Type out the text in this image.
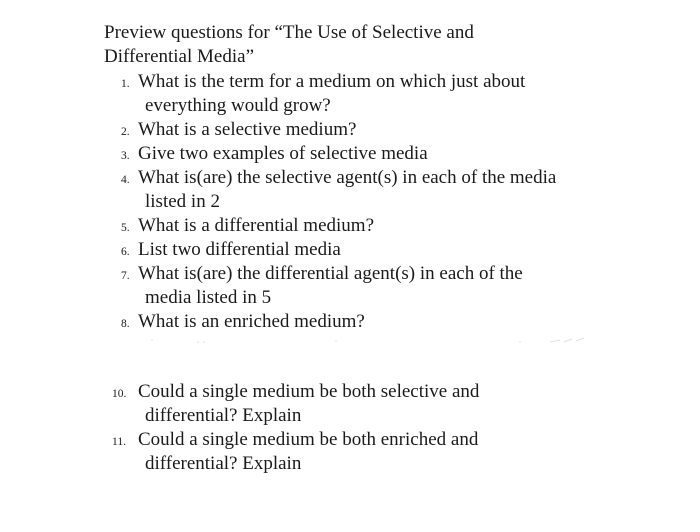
Preview questions for “The Use of Selective and
Differential Media”
1. What is the term for a medium on which just about
everything would grow?
2. What is a selective medium?
3. Give two examples of selective media
4. What is(are) the selective agent(s) in each of the media
listed in 2
5. What is a differential medium?
6. List two differential media
7. What is(are) the differential agent(s) in each of the
media listed in 5
8. What is an enriched medium?
10. Could a single medium be both selective and
differential? Explain
11. Could a single medium be both enriched and
differential? Explain
